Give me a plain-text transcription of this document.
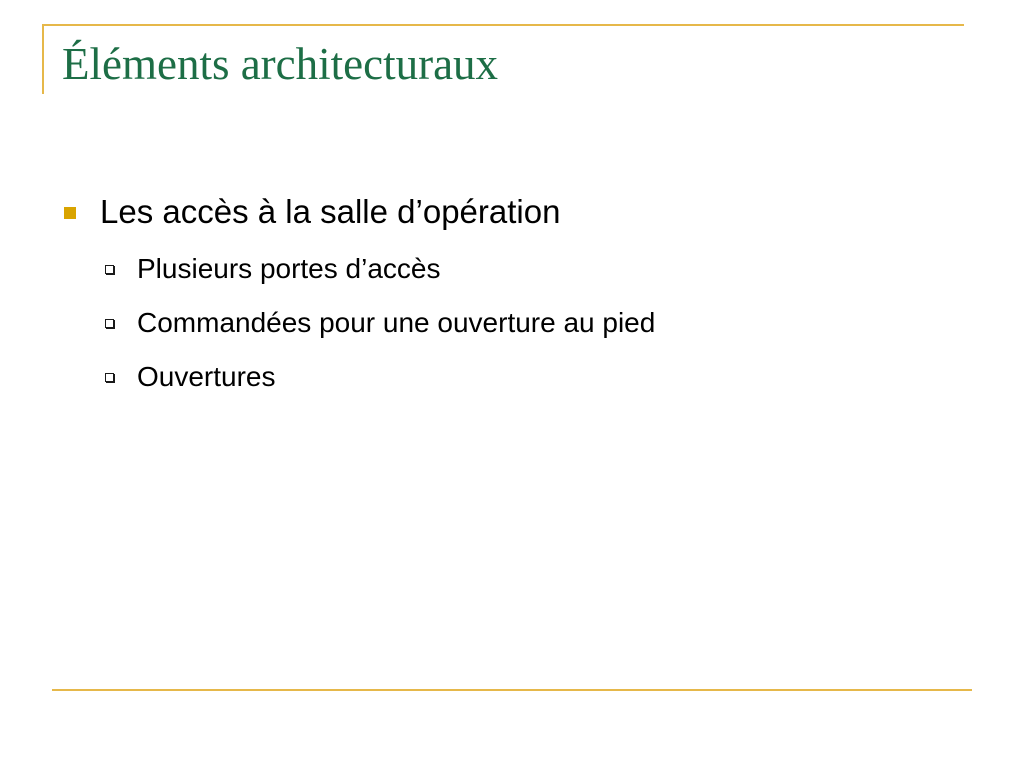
Éléments architecturaux
Les accès à la salle d’opération
Plusieurs portes d’accès
Commandées pour une ouverture au pied
Ouvertures
